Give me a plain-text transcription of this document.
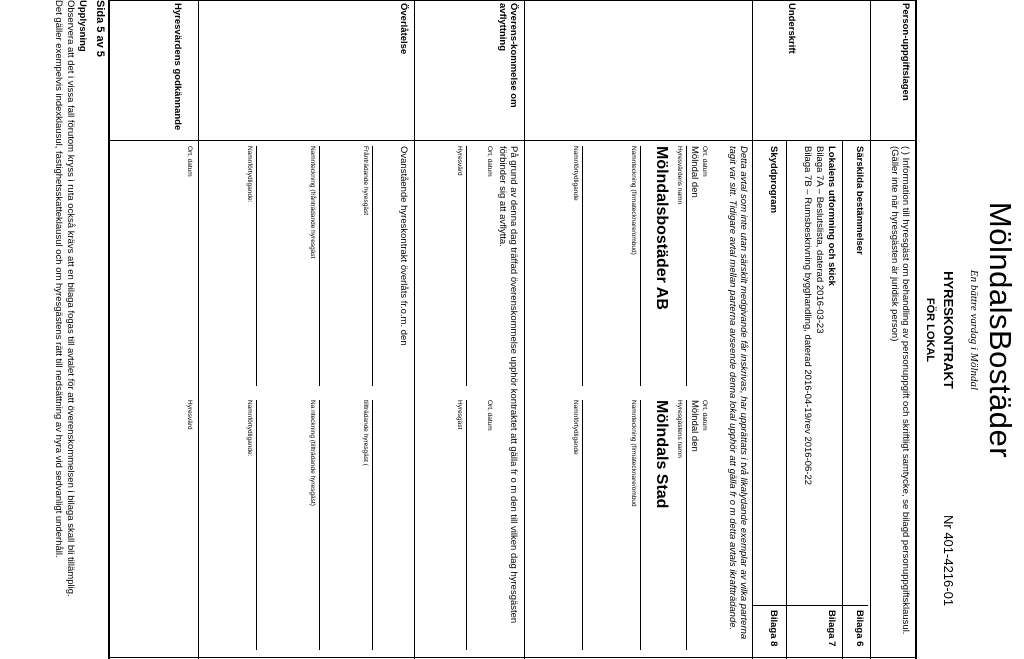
MölndalsBostäder
En bättre vardag i Mölndal
HYRESKONTRAKT
FÖR LOKAL
Nr 401-4216-01
Person-uppgiftslagen
( ) Information till hyresgäst om behandling av personuppgift och skriftligt samtycke, se bilagd personuppgiftsklausul. (Gäller inte när hyresgästen är juridisk person)
Särskilda bestämmelser
Bilaga 6
Lokalens utformning och skick
Bilaga 7A – Beslutslista, daterad 2016-03-23
Bilaga 7B – Rumsbeskrivning bygghandling, daterad 2016-04-19/rev 2016-06-22
Bilaga 7
Skyddprogram
Bilaga 8
Underskrift
Detta avtal som inte utan särskilt medgivande får inskrivas, har upprättats i två likalydande exemplar av vilka parterna tagit var sitt. Tidigare avtal mellan parterna avseende denna lokal upphör att gälla fr o m detta avtals ikraftträdande.
Ort, datum
Ort, datum
Mölndal den
Mölndal den
Hyresvärdens namn
Hyresgästens namn
Mölndalsbostäder AB
Mölndals Stad
Namnteckning (firmatecknare/ombud)
Namnteckning (firmatecknare/ombud
Namnförtydligande
Namnförtydligande
Överens-kommelse om avflyttning
På grund av denna dag träffad överenskommelse upphör kontraktet att gälla fr o m den till vilken dag hyresgästen förbinder sig att avflytta.
Ort, datum
Ort, datum
Hyresvärd
Hyresgäst
Överlåtelse
Ovanstående hyreskontrakt överlåts fr.o.m. den
Frånträdande hyresgäst
tillträdande hyresgäst (
Namnteckning (frånträdande hyresgäst
Na nteckning (tillträdande hyresgäst)
Namnförtydligande:
Namnförtydligande:
Hyresvärdens godkännande
Ort, datum
Hyresvärd
Sida 5 av 5
Upplysning
Observera att det i vissa fall förutom kryss i ruta också krävs att en bilaga fogas till avtalet för att överenskommelsen i bilaga skall bli tillämplig.
Det gäller exempelvis indexklausul, fastighetsskatteklausul och om hyresgästens rätt till nedsättning av hyra vid sedvanligt underhåll.
